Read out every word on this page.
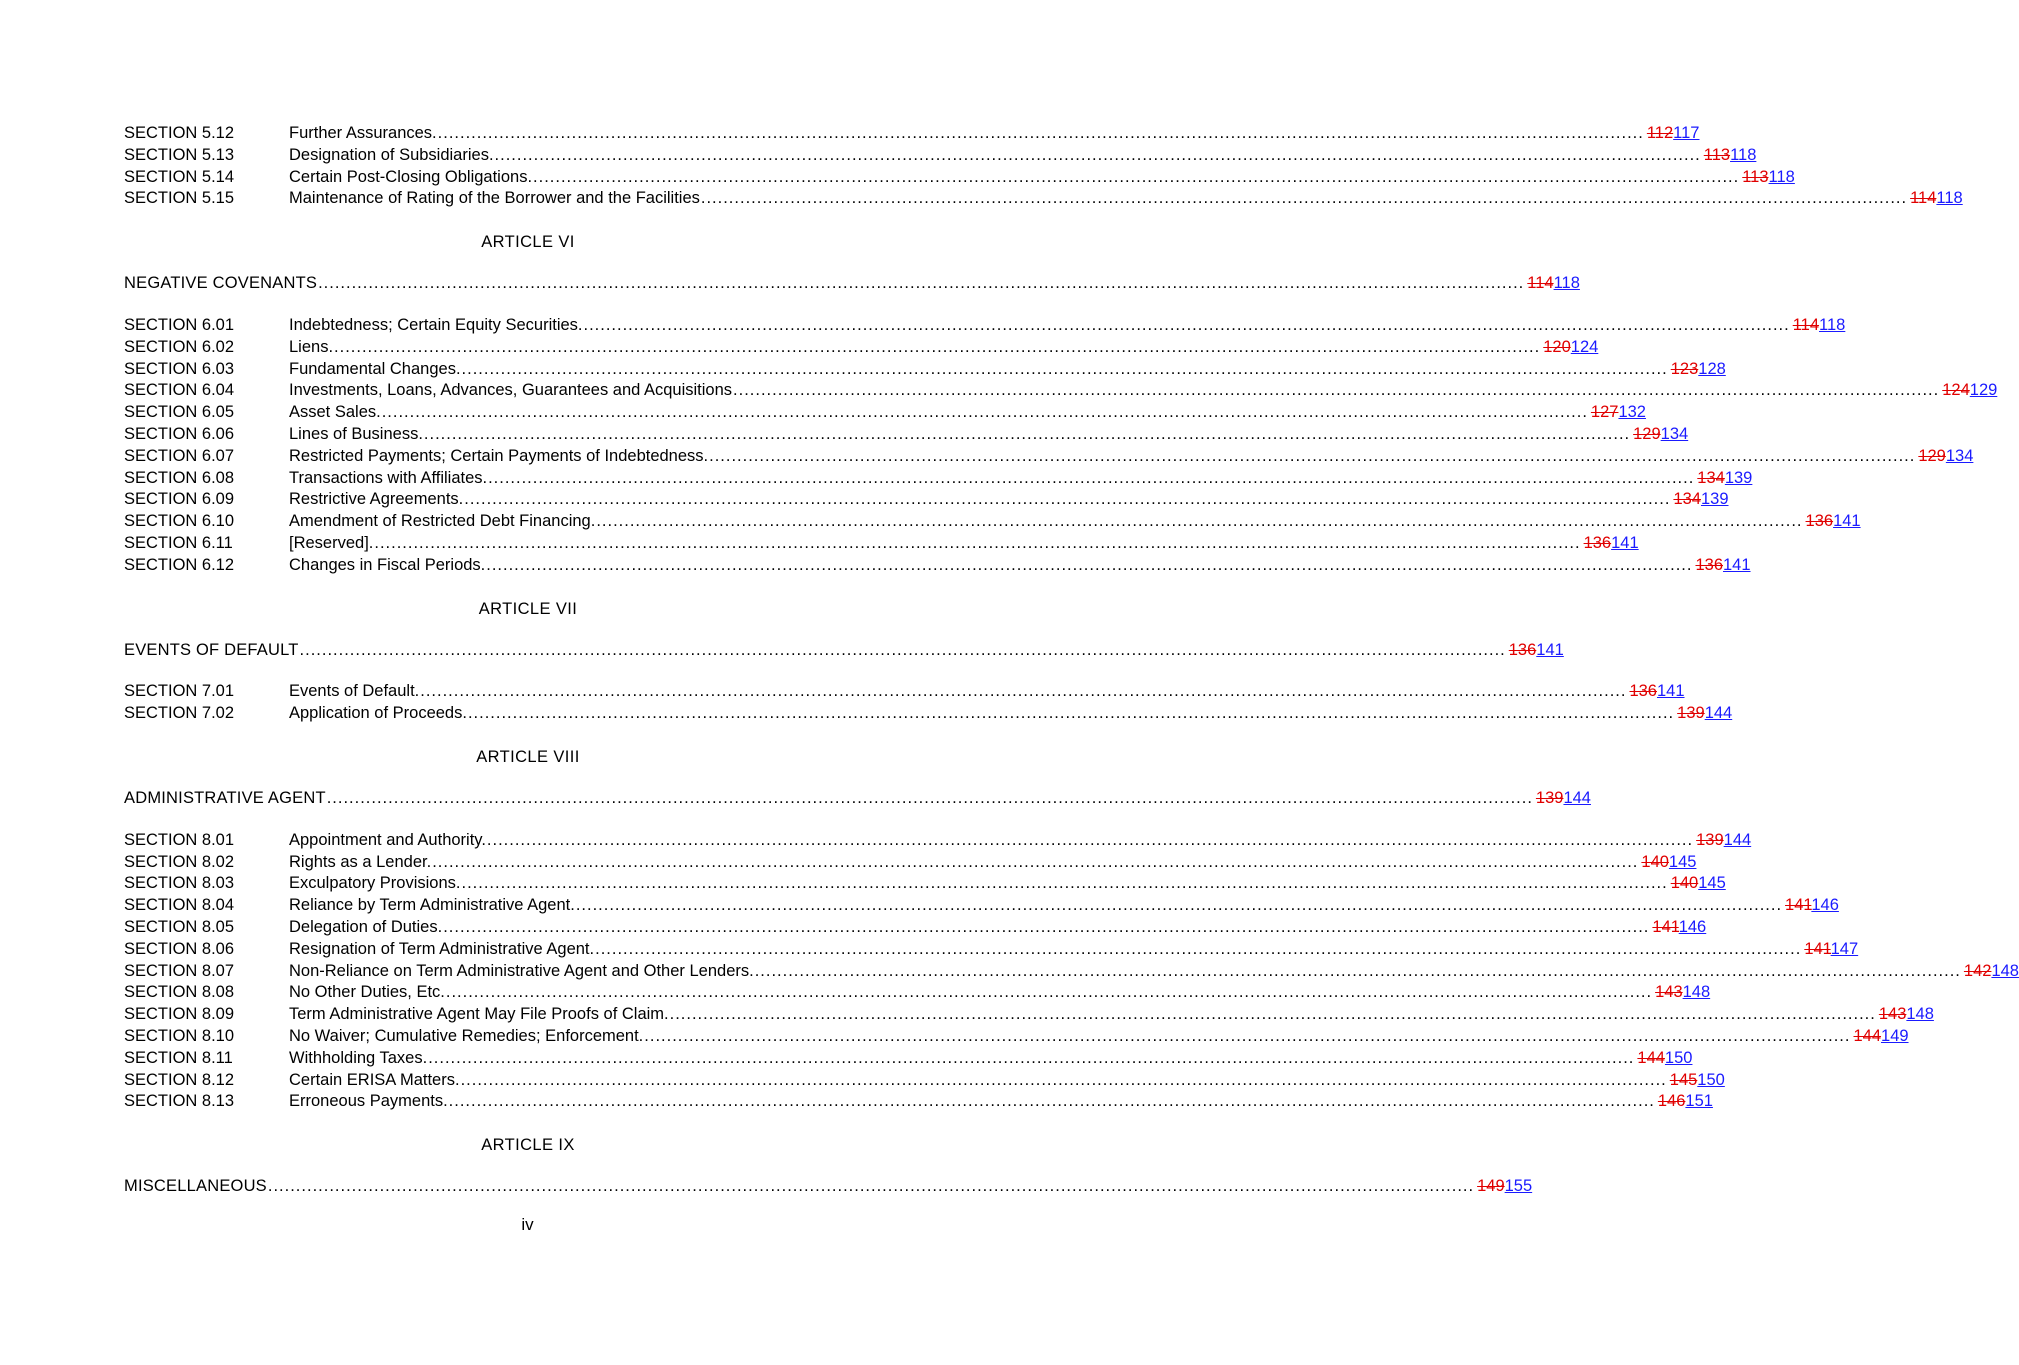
SECTION 5.12	Further Assurances. .....	112117
SECTION 5.13	Designation of Subsidiaries. .....	113118
SECTION 5.14	Certain Post-Closing Obligations. .....	113118
SECTION 5.15	Maintenance of Rating of the Borrower and the Facilities .....	114118
ARTICLE VI
NEGATIVE COVENANTS .....	114118
SECTION 6.01	Indebtedness; Certain Equity Securities. .....	114118
SECTION 6.02	Liens. .....	120124
SECTION 6.03	Fundamental Changes. .....	123128
SECTION 6.04	Investments, Loans, Advances, Guarantees and Acquisitions .....	124129
SECTION 6.05	Asset Sales. .....	127132
SECTION 6.06	Lines of Business. .....	129134
SECTION 6.07	Restricted Payments; Certain Payments of Indebtedness. .....	129134
SECTION 6.08	Transactions with Affiliates. .....	134139
SECTION 6.09	Restrictive Agreements. .....	134139
SECTION 6.10	Amendment of Restricted Debt Financing. .....	136141
SECTION 6.11	[Reserved]. .....	136141
SECTION 6.12	Changes in Fiscal Periods. .....	136141
ARTICLE VII
EVENTS OF DEFAULT .....	136141
SECTION 7.01	Events of Default. .....	136141
SECTION 7.02	Application of Proceeds. .....	139144
ARTICLE VIII
ADMINISTRATIVE AGENT .....	139144
SECTION 8.01	Appointment and Authority. .....	139144
SECTION 8.02	Rights as a Lender. .....	140145
SECTION 8.03	Exculpatory Provisions. .....	140145
SECTION 8.04	Reliance by Term Administrative Agent. .....	141146
SECTION 8.05	Delegation of Duties. .....	141146
SECTION 8.06	Resignation of Term Administrative Agent. .....	141147
SECTION 8.07	Non-Reliance on Term Administrative Agent and Other Lenders. .....	142148
SECTION 8.08	No Other Duties, Etc. .....	143148
SECTION 8.09	Term Administrative Agent May File Proofs of Claim. .....	143148
SECTION 8.10	No Waiver; Cumulative Remedies; Enforcement. .....	144149
SECTION 8.11	Withholding Taxes. .....	144150
SECTION 8.12	Certain ERISA Matters. .....	145150
SECTION 8.13	Erroneous Payments. .....	146151
ARTICLE IX
MISCELLANEOUS .....	149155
iv
